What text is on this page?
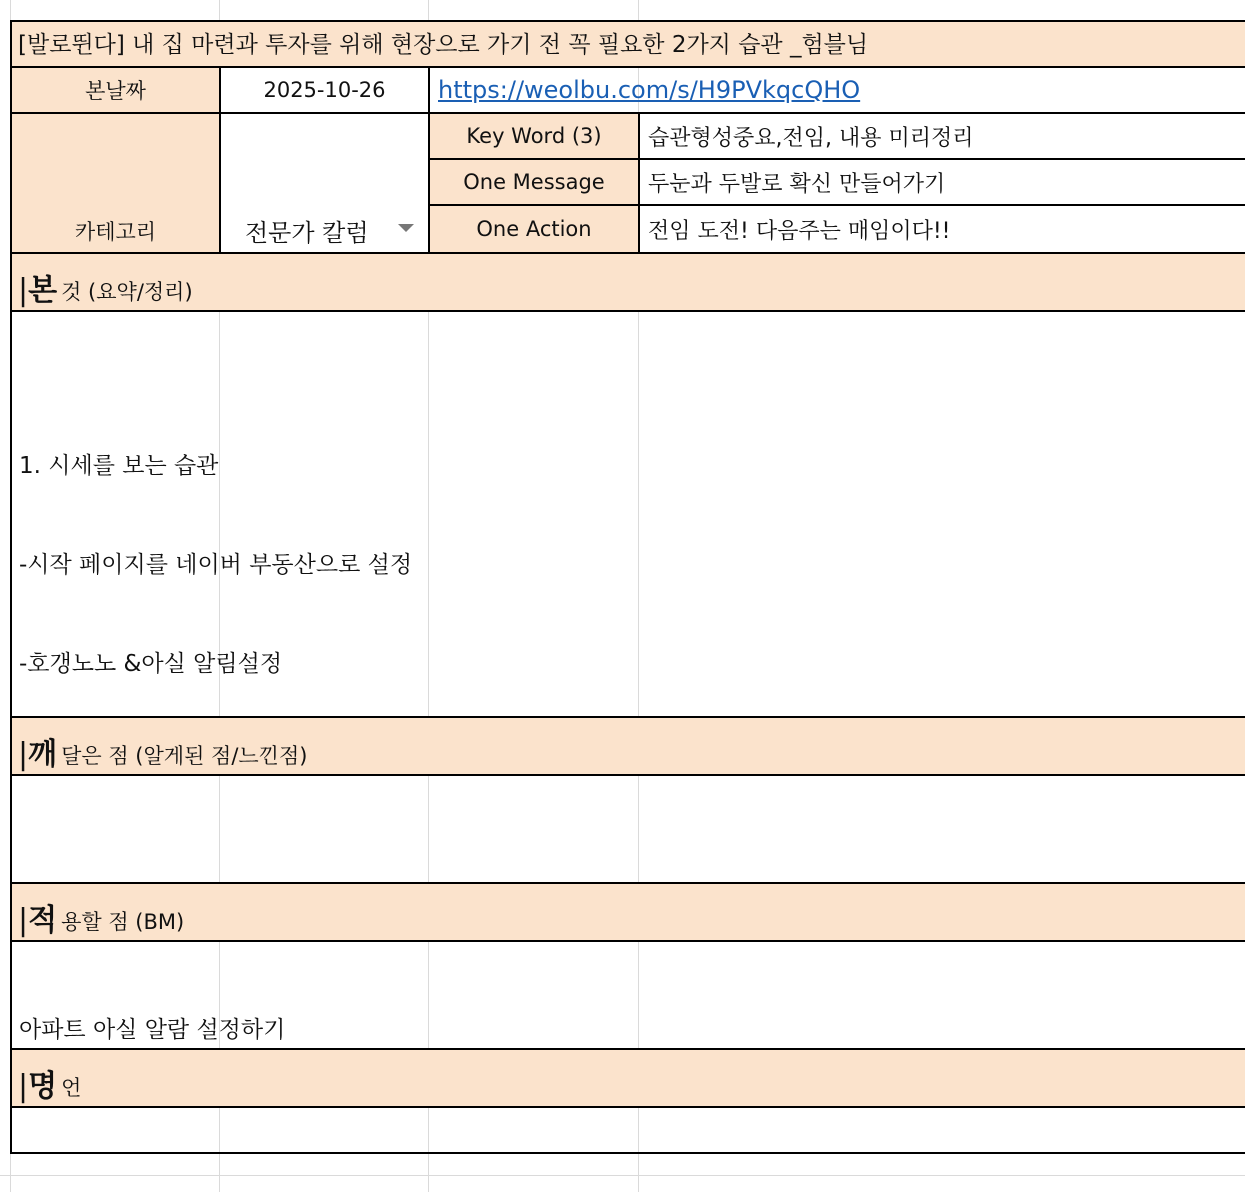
[발로뛴다] 내 집 마련과 투자를 위해 현장으로 가기 전 꼭 필요한 2가지 습관 _험블님
본날짜	2025-10-26	https://weolbu.com/s/H9PVkqcQHO
카테고리	전문가 칼럼
Key Word (3)	습관형성중요,전임, 내용 미리정리
One Message	두눈과 두발로 확신 만들어가기
One Action	전임 도전! 다음주는 매임이다!!
| 본 것 (요약/정리)

1. 시세를 보는 습관

-시작 페이지를 네이버 부동산으로 설정

-호갱노노 &아실 알림설정

| 깨 달은 점 (알게된 점/느낀점)

| 적 용할 점 (BM)

아파트 아실 알람 설정하기

| 명 언
